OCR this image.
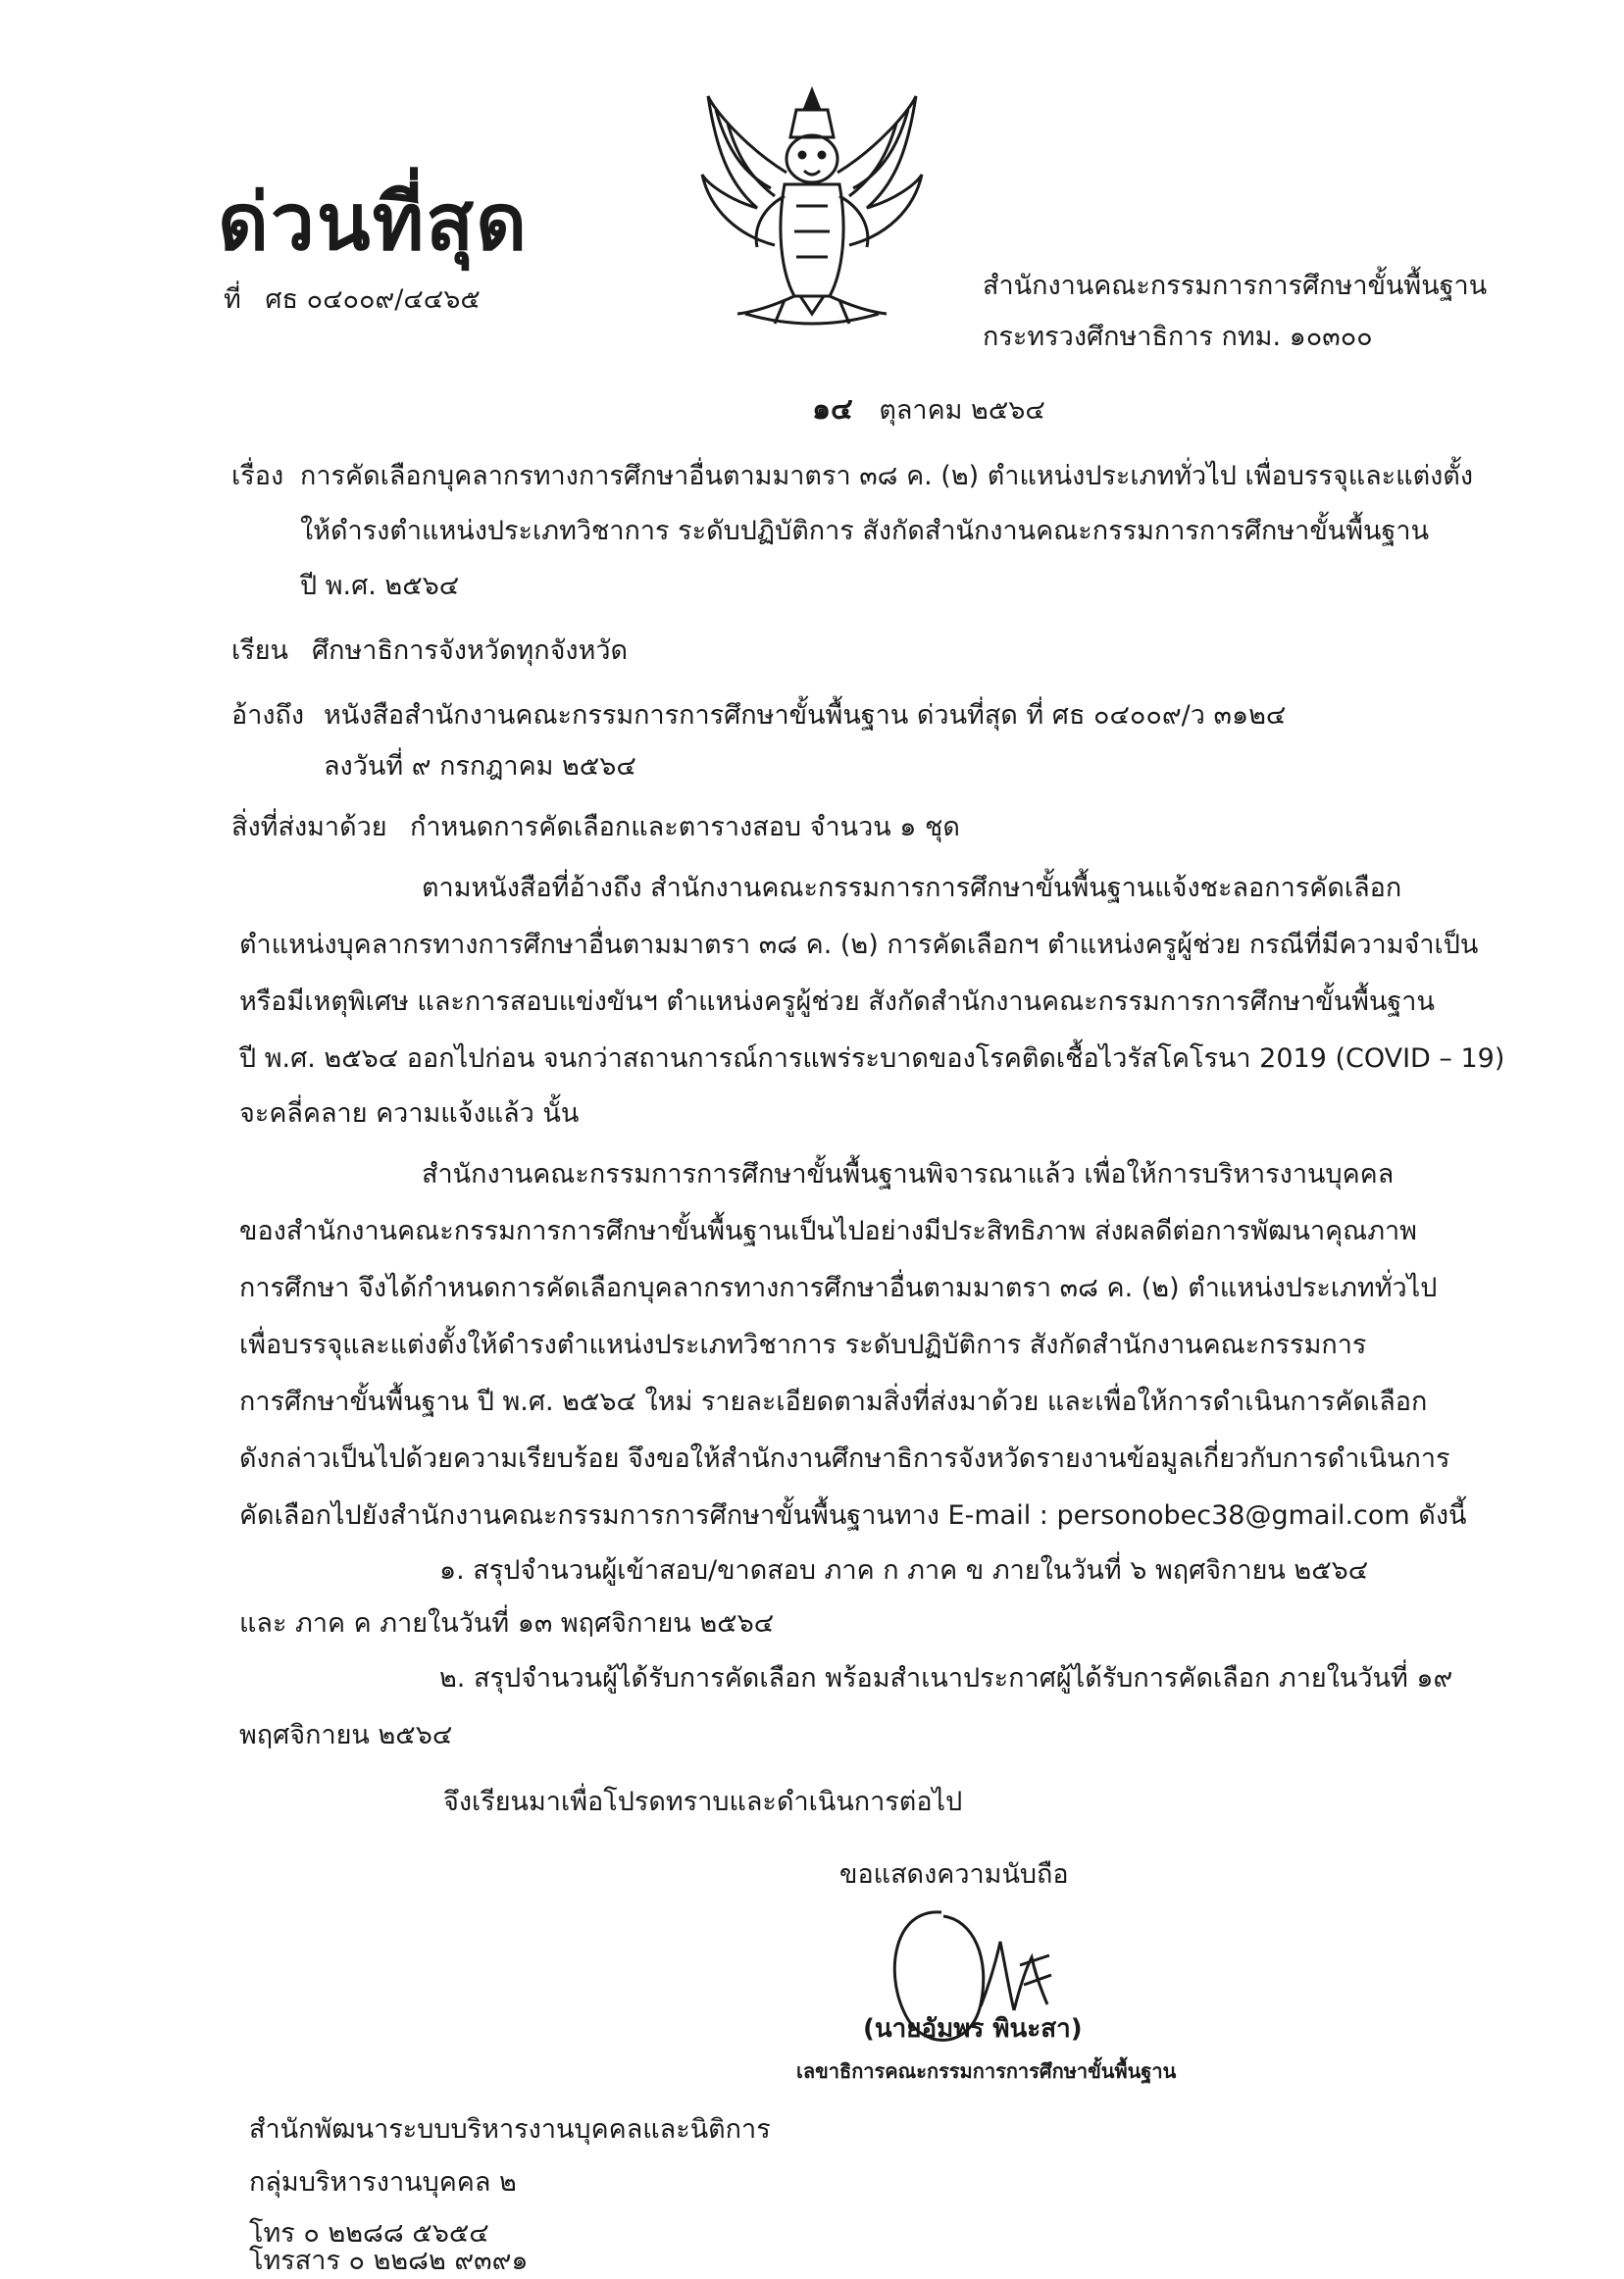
ด่วนที่สุด
ที่ ศธ ๐๔๐๐๙/๔๔๖๕	สำนักงานคณะกรรมการการศึกษาขั้นพื้นฐาน
กระทรวงศึกษาธิการ กทม. ๑๐๓๐๐
๑๔ ตุลาคม ๒๕๖๔
เรื่อง การคัดเลือกบุคลากรทางการศึกษาอื่นตามมาตรา ๓๘ ค. (๒) ตำแหน่งประเภททั่วไป เพื่อบรรจุและแต่งตั้ง
ให้ดำรงตำแหน่งประเภทวิชาการ ระดับปฏิบัติการ สังกัดสำนักงานคณะกรรมการการศึกษาขั้นพื้นฐาน
ปี พ.ศ. ๒๕๖๔
เรียน ศึกษาธิการจังหวัดทุกจังหวัด
อ้างถึง หนังสือสำนักงานคณะกรรมการการศึกษาขั้นพื้นฐาน ด่วนที่สุด ที่ ศธ ๐๔๐๐๙/ว ๓๑๒๔
ลงวันที่ ๙ กรกฎาคม ๒๕๖๔
สิ่งที่ส่งมาด้วย กำหนดการคัดเลือกและตารางสอบ จำนวน ๑ ชุด
ตามหนังสือที่อ้างถึง สำนักงานคณะกรรมการการศึกษาขั้นพื้นฐานแจ้งชะลอการคัดเลือก
ตำแหน่งบุคลากรทางการศึกษาอื่นตามมาตรา ๓๘ ค. (๒) การคัดเลือกฯ ตำแหน่งครูผู้ช่วย กรณีที่มีความจำเป็น
หรือมีเหตุพิเศษ และการสอบแข่งขันฯ ตำแหน่งครูผู้ช่วย สังกัดสำนักงานคณะกรรมการการศึกษาขั้นพื้นฐาน
ปี พ.ศ. ๒๕๖๔ ออกไปก่อน จนกว่าสถานการณ์การแพร่ระบาดของโรคติดเชื้อไวรัสโคโรนา 2019 (COVID – 19)
จะคลี่คลาย ความแจ้งแล้ว นั้น
สำนักงานคณะกรรมการการศึกษาขั้นพื้นฐานพิจารณาแล้ว เพื่อให้การบริหารงานบุคคล
ของสำนักงานคณะกรรมการการศึกษาขั้นพื้นฐานเป็นไปอย่างมีประสิทธิภาพ ส่งผลดีต่อการพัฒนาคุณภาพ
การศึกษา จึงได้กำหนดการคัดเลือกบุคลากรทางการศึกษาอื่นตามมาตรา ๓๘ ค. (๒) ตำแหน่งประเภททั่วไป
เพื่อบรรจุและแต่งตั้งให้ดำรงตำแหน่งประเภทวิชาการ ระดับปฏิบัติการ สังกัดสำนักงานคณะกรรมการ
การศึกษาขั้นพื้นฐาน ปี พ.ศ. ๒๕๖๔ ใหม่ รายละเอียดตามสิ่งที่ส่งมาด้วย และเพื่อให้การดำเนินการคัดเลือก
ดังกล่าวเป็นไปด้วยความเรียบร้อย จึงขอให้สำนักงานศึกษาธิการจังหวัดรายงานข้อมูลเกี่ยวกับการดำเนินการ
คัดเลือกไปยังสำนักงานคณะกรรมการการศึกษาขั้นพื้นฐานทาง E-mail : personobec38@gmail.com ดังนี้
๑. สรุปจำนวนผู้เข้าสอบ/ขาดสอบ ภาค ก ภาค ข ภายในวันที่ ๖ พฤศจิกายน ๒๕๖๔
และ ภาค ค ภายในวันที่ ๑๓ พฤศจิกายน ๒๕๖๔
๒. สรุปจำนวนผู้ได้รับการคัดเลือก พร้อมสำเนาประกาศผู้ได้รับการคัดเลือก ภายในวันที่ ๑๙
พฤศจิกายน ๒๕๖๔
จึงเรียนมาเพื่อโปรดทราบและดำเนินการต่อไป
ขอแสดงความนับถือ
(นายอัมพร พินะสา)
เลขาธิการคณะกรรมการการศึกษาขั้นพื้นฐาน
สำนักพัฒนาระบบบริหารงานบุคคลและนิติการ
กลุ่มบริหารงานบุคคล ๒
โทร ๐ ๒๒๘๘ ๕๖๕๔
โทรสาร ๐ ๒๒๘๒ ๙๓๙๑
